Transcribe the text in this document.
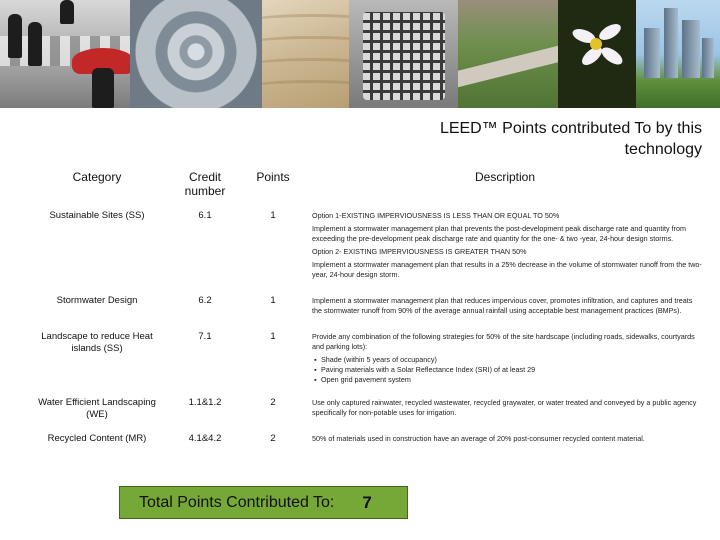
LEED™ Points contributed To by this technology
Category	Credit number	Points	Description
Sustainable Sites (SS)	6.1	1	Option 1-EXISTING IMPERVIOUSNESS IS LESS THAN OR EQUAL TO 50%
Implement a stormwater management plan that prevents the post-development peak discharge rate and quantity from exceeding the pre-development peak discharge rate and quantity for the one- & two -year, 24-hour design storms.
Option 2- EXISTING IMPERVIOUSNESS IS GREATER THAN 50%
Implement a stormwater management plan that results in a 25% decrease in the volume of stormwater runoff from the two-year, 24-hour design storm.

Stormwater Design	6.2	1	Implement a stormwater management plan that reduces impervious cover, promotes infiltration, and captures and treats the stormwater runoff from 90% of the average annual rainfall using acceptable best management practices (BMPs).

Landscape to reduce Heat islands (SS)	7.1	1	Provide any combination of the following strategies for 50% of the site hardscape (including roads, sidewalks, courtyards and parking lots):
▪ Shade (within 5 years of occupancy)
▪ Paving materials with a Solar Reflectance Index (SRI) of at least 29
▪ Open grid pavement system

Water Efficient Landscaping (WE)	1.1&1.2	2	Use only captured rainwater, recycled wastewater, recycled graywater, or water treated and conveyed by a public agency specifically for non-potable uses for irrigation.

Recycled Content (MR)	4.1&4.2	2	50% of materials used in construction have an average of 20% post-consumer recycled content material.
Total Points Contributed To: 7
